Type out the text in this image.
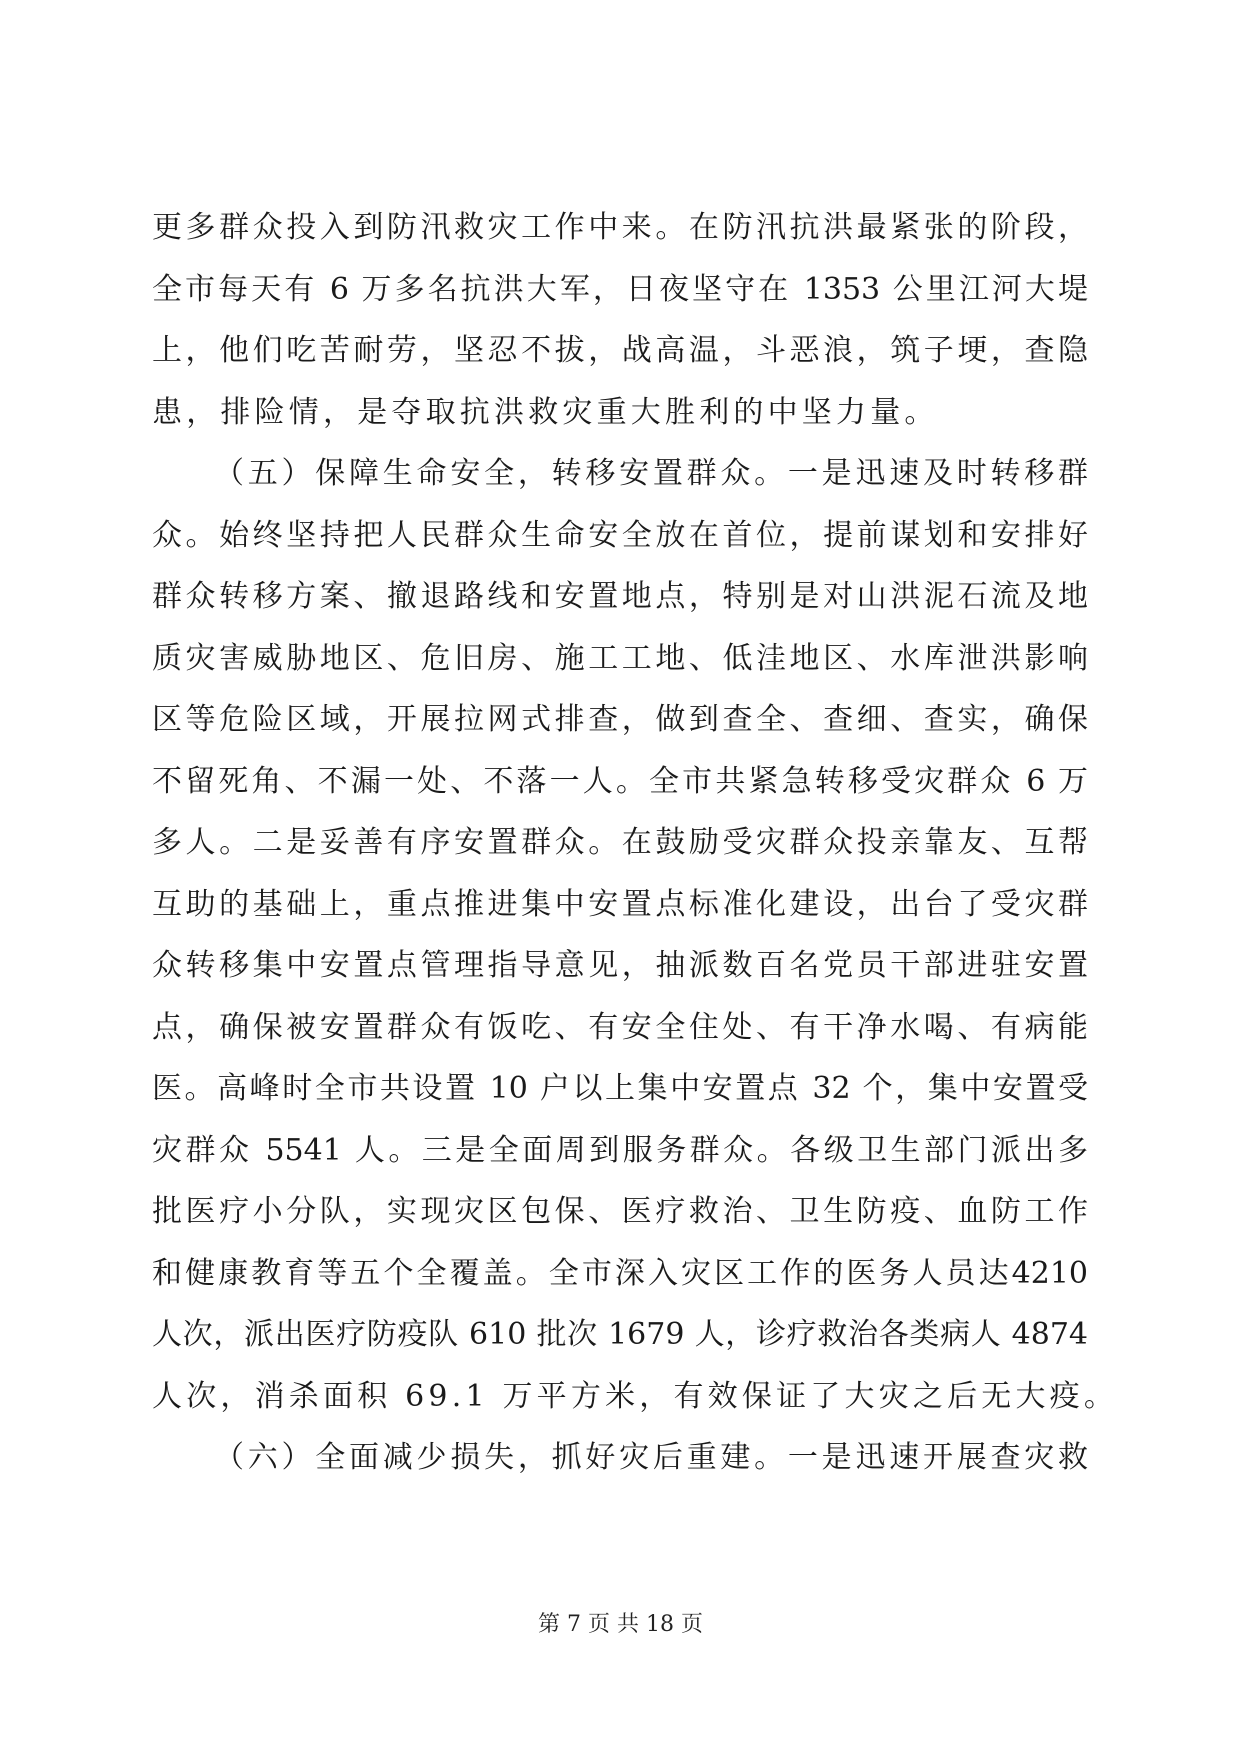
更多群众投入到防汛救灾工作中来。在防汛抗洪最紧张的阶段，
全市每天有 6 万多名抗洪大军，日夜坚守在 1353 公里江河大堤
上，他们吃苦耐劳，坚忍不拔，战高温，斗恶浪，筑子埂，查隐
患，排险情，是夺取抗洪救灾重大胜利的中坚力量。
（五）保障生命安全，转移安置群众。一是迅速及时转移群
众。始终坚持把人民群众生命安全放在首位，提前谋划和安排好
群众转移方案、撤退路线和安置地点，特别是对山洪泥石流及地
质灾害威胁地区、危旧房、施工工地、低洼地区、水库泄洪影响
区等危险区域，开展拉网式排查，做到查全、查细、查实，确保
不留死角、不漏一处、不落一人。全市共紧急转移受灾群众 6 万
多人。二是妥善有序安置群众。在鼓励受灾群众投亲靠友、互帮
互助的基础上，重点推进集中安置点标准化建设，出台了受灾群
众转移集中安置点管理指导意见，抽派数百名党员干部进驻安置
点，确保被安置群众有饭吃、有安全住处、有干净水喝、有病能
医。高峰时全市共设置 10 户以上集中安置点 32 个，集中安置受
灾群众 5541 人。三是全面周到服务群众。各级卫生部门派出多
批医疗小分队，实现灾区包保、医疗救治、卫生防疫、血防工作
和健康教育等五个全覆盖。全市深入灾区工作的医务人员达4210
人次，派出医疗防疫队 610 批次 1679 人，诊疗救治各类病人 4874
人次，消杀面积 69.1 万平方米，有效保证了大灾之后无大疫。
（六）全面减少损失，抓好灾后重建。一是迅速开展查灾救
第 7 页 共 18 页
